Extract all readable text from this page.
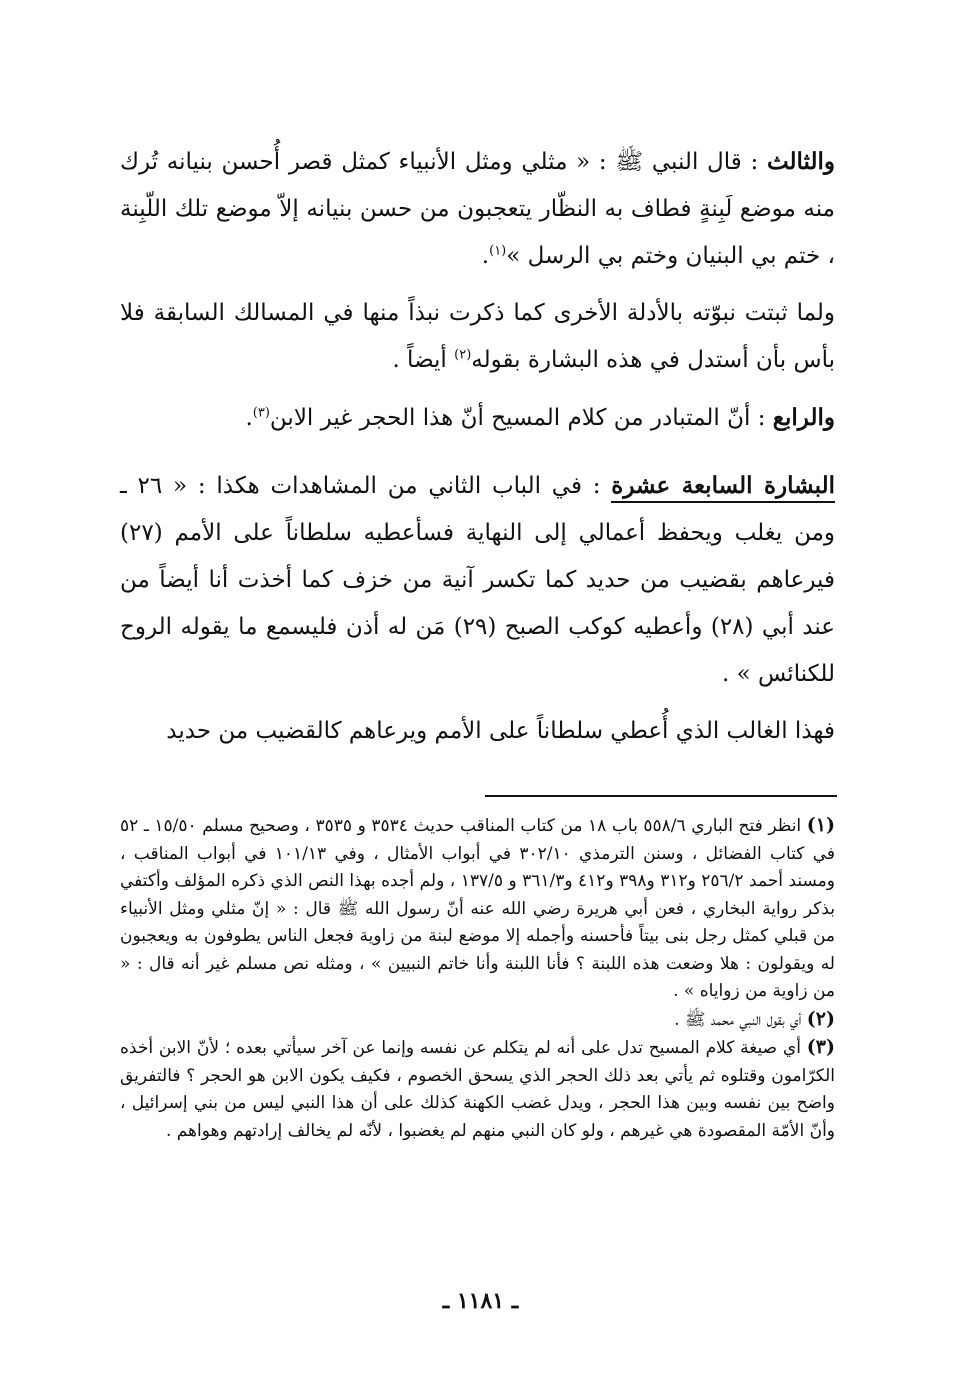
والثالث : قال النبي ﷺ : « مثلي ومثل الأنبياء كمثل قصر أُحسن بنيانه تُرك منه موضع لَبِنةٍ فطاف به النظّار يتعجبون من حسن بنيانه إلاّ موضع تلك اللّبِنة ، ختم بي البنيان وختم بي الرسل »$^{(١)}$.

ولما ثبتت نبوّته بالأدلة الأخرى كما ذكرت نبذاً منها في المسالك السابقة فلا بأس بأن أستدل في هذه البشارة بقوله$^{(٢)}$ أيضاً .

والرابع : أنّ المتبادر من كلام المسيح أنّ هذا الحجر غير الابن$^{(٣)}$.

البشارة السابعة عشرة : في الباب الثاني من المشاهدات هكذا : « ٢٦ ـ ومن يغلب ويحفظ أعمالي إلى النهاية فسأعطيه سلطاناً على الأمم (٢٧) فيرعاهم بقضيب من حديد كما تكسر آنية من خزف كما أخذت أنا أيضاً من عند أبي (٢٨) وأعطيه كوكب الصبح (٢٩) مَن له أذن فليسمع ما يقوله الروح للكنائس » .

فهذا الغالب الذي أُعطي سلطاناً على الأمم ويرعاهم كالقضيب من حديد

(١) انظر فتح الباري ٥٥٨/٦ باب ١٨ من كتاب المناقب حديث ٣٥٣٤ و ٣٥٣٥ ، وصحيح مسلم ١٥/٥٠ ـ ٥٢ في كتاب الفضائل ، وسنن الترمذي ٣٠٢/١٠ في أبواب الأمثال ، وفي ١٠١/١٣ في أبواب المناقب ، ومسند أحمد ٢٥٦/٢ و٣١٢ و٣٩٨ و٤١٢ و٣٦١/٣ و ١٣٧/٥ ، ولم أجده بهذا النص الذي ذكره المؤلف وأكتفي بذكر رواية البخاري ، فعن أبي هريرة رضي الله عنه أنّ رسول الله ﷺ قال : « إنّ مثلي ومثل الأنبياء من قبلي كمثل رجل بنى بيتاً فأحسنه وأجمله إلا موضع لبنة من زاوية فجعل الناس يطوفون به ويعجبون له ويقولون : هلا وضعت هذه اللبنة ؟ فأنا اللبنة وأنا خاتم النبيين » ، ومثله نص مسلم غير أنه قال : « من زاوية من زواياه » .

(٢) أي بقول النبي محمد ﷺ .

(٣) أي صيغة كلام المسيح تدل على أنه لم يتكلم عن نفسه وإنما عن آخر سيأتي بعده ؛ لأنّ الابن أخذه الكرّامون وقتلوه ثم يأتي بعد ذلك الحجر الذي يسحق الخصوم ، فكيف يكون الابن هو الحجر ؟ فالتفريق واضح بين نفسه وبين هذا الحجر ، ويدل غضب الكهنة كذلك على أن هذا النبي ليس من بني إسرائيل ، وأنّ الأمّة المقصودة هي غيرهم ، ولو كان النبي منهم لم يغضبوا ، لأنّه لم يخالف إرادتهم وهواهم .

ـ ١١٨١ ـ
